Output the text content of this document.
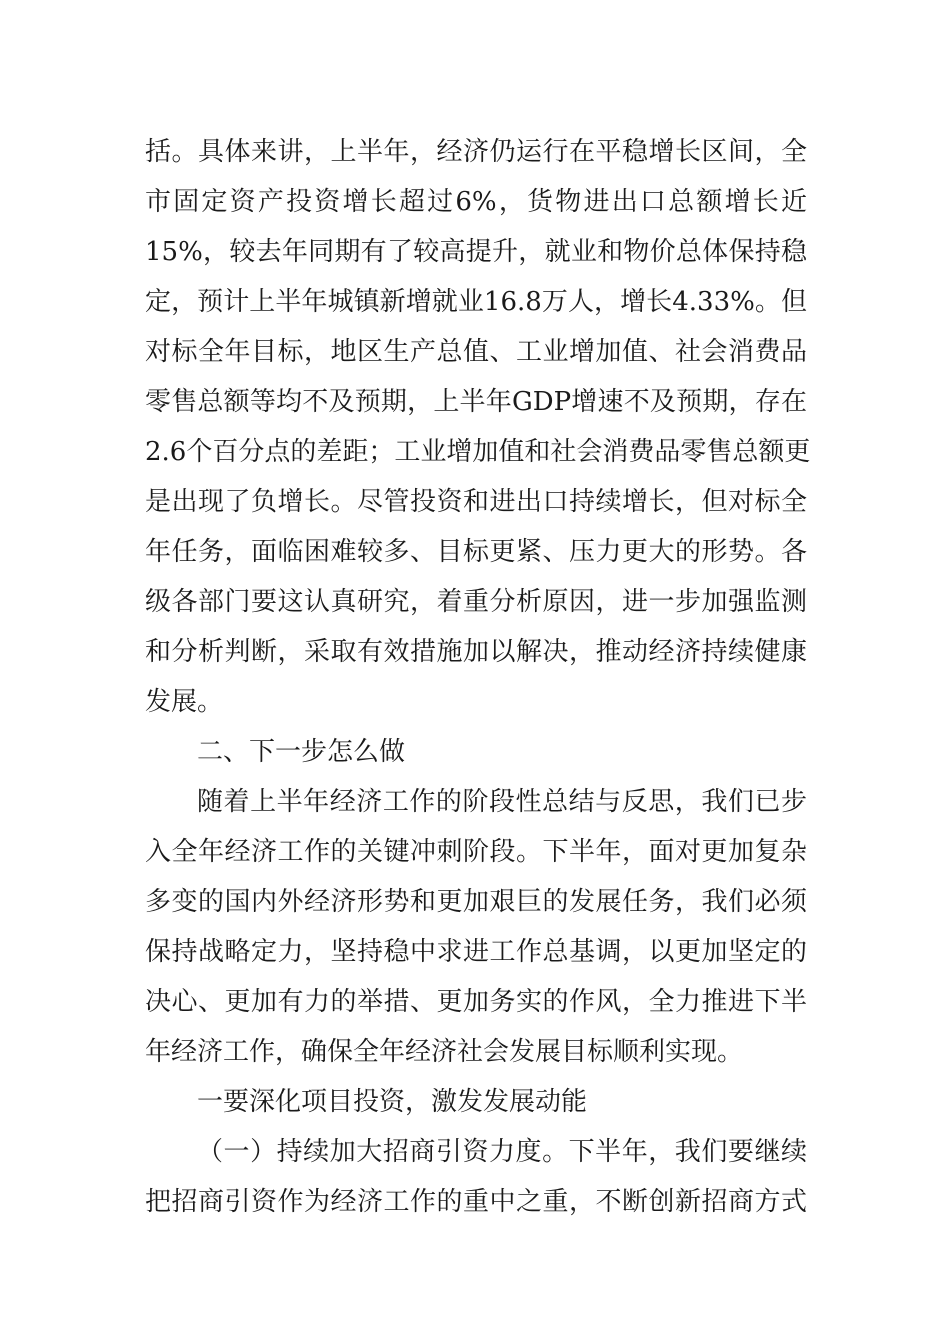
括。具体来讲，上半年，经济仍运行在平稳增长区间，全
市固定资产投资增长超过6%，货物进出口总额增长近
15%，较去年同期有了较高提升，就业和物价总体保持稳
定，预计上半年城镇新增就业16.8万人，增长4.33%。但
对标全年目标，地区生产总值、工业增加值、社会消费品
零售总额等均不及预期，上半年GDP增速不及预期，存在
2.6个百分点的差距；工业增加值和社会消费品零售总额更
是出现了负增长。尽管投资和进出口持续增长，但对标全
年任务，面临困难较多、目标更紧、压力更大的形势。各
级各部门要这认真研究，着重分析原因，进一步加强监测
和分析判断，采取有效措施加以解决，推动经济持续健康
发展。
二、下一步怎么做
随着上半年经济工作的阶段性总结与反思，我们已步
入全年经济工作的关键冲刺阶段。下半年，面对更加复杂
多变的国内外经济形势和更加艰巨的发展任务，我们必须
保持战略定力，坚持稳中求进工作总基调，以更加坚定的
决心、更加有力的举措、更加务实的作风，全力推进下半
年经济工作，确保全年经济社会发展目标顺利实现。
一要深化项目投资，激发发展动能
（一）持续加大招商引资力度。下半年，我们要继续
把招商引资作为经济工作的重中之重，不断创新招商方式
